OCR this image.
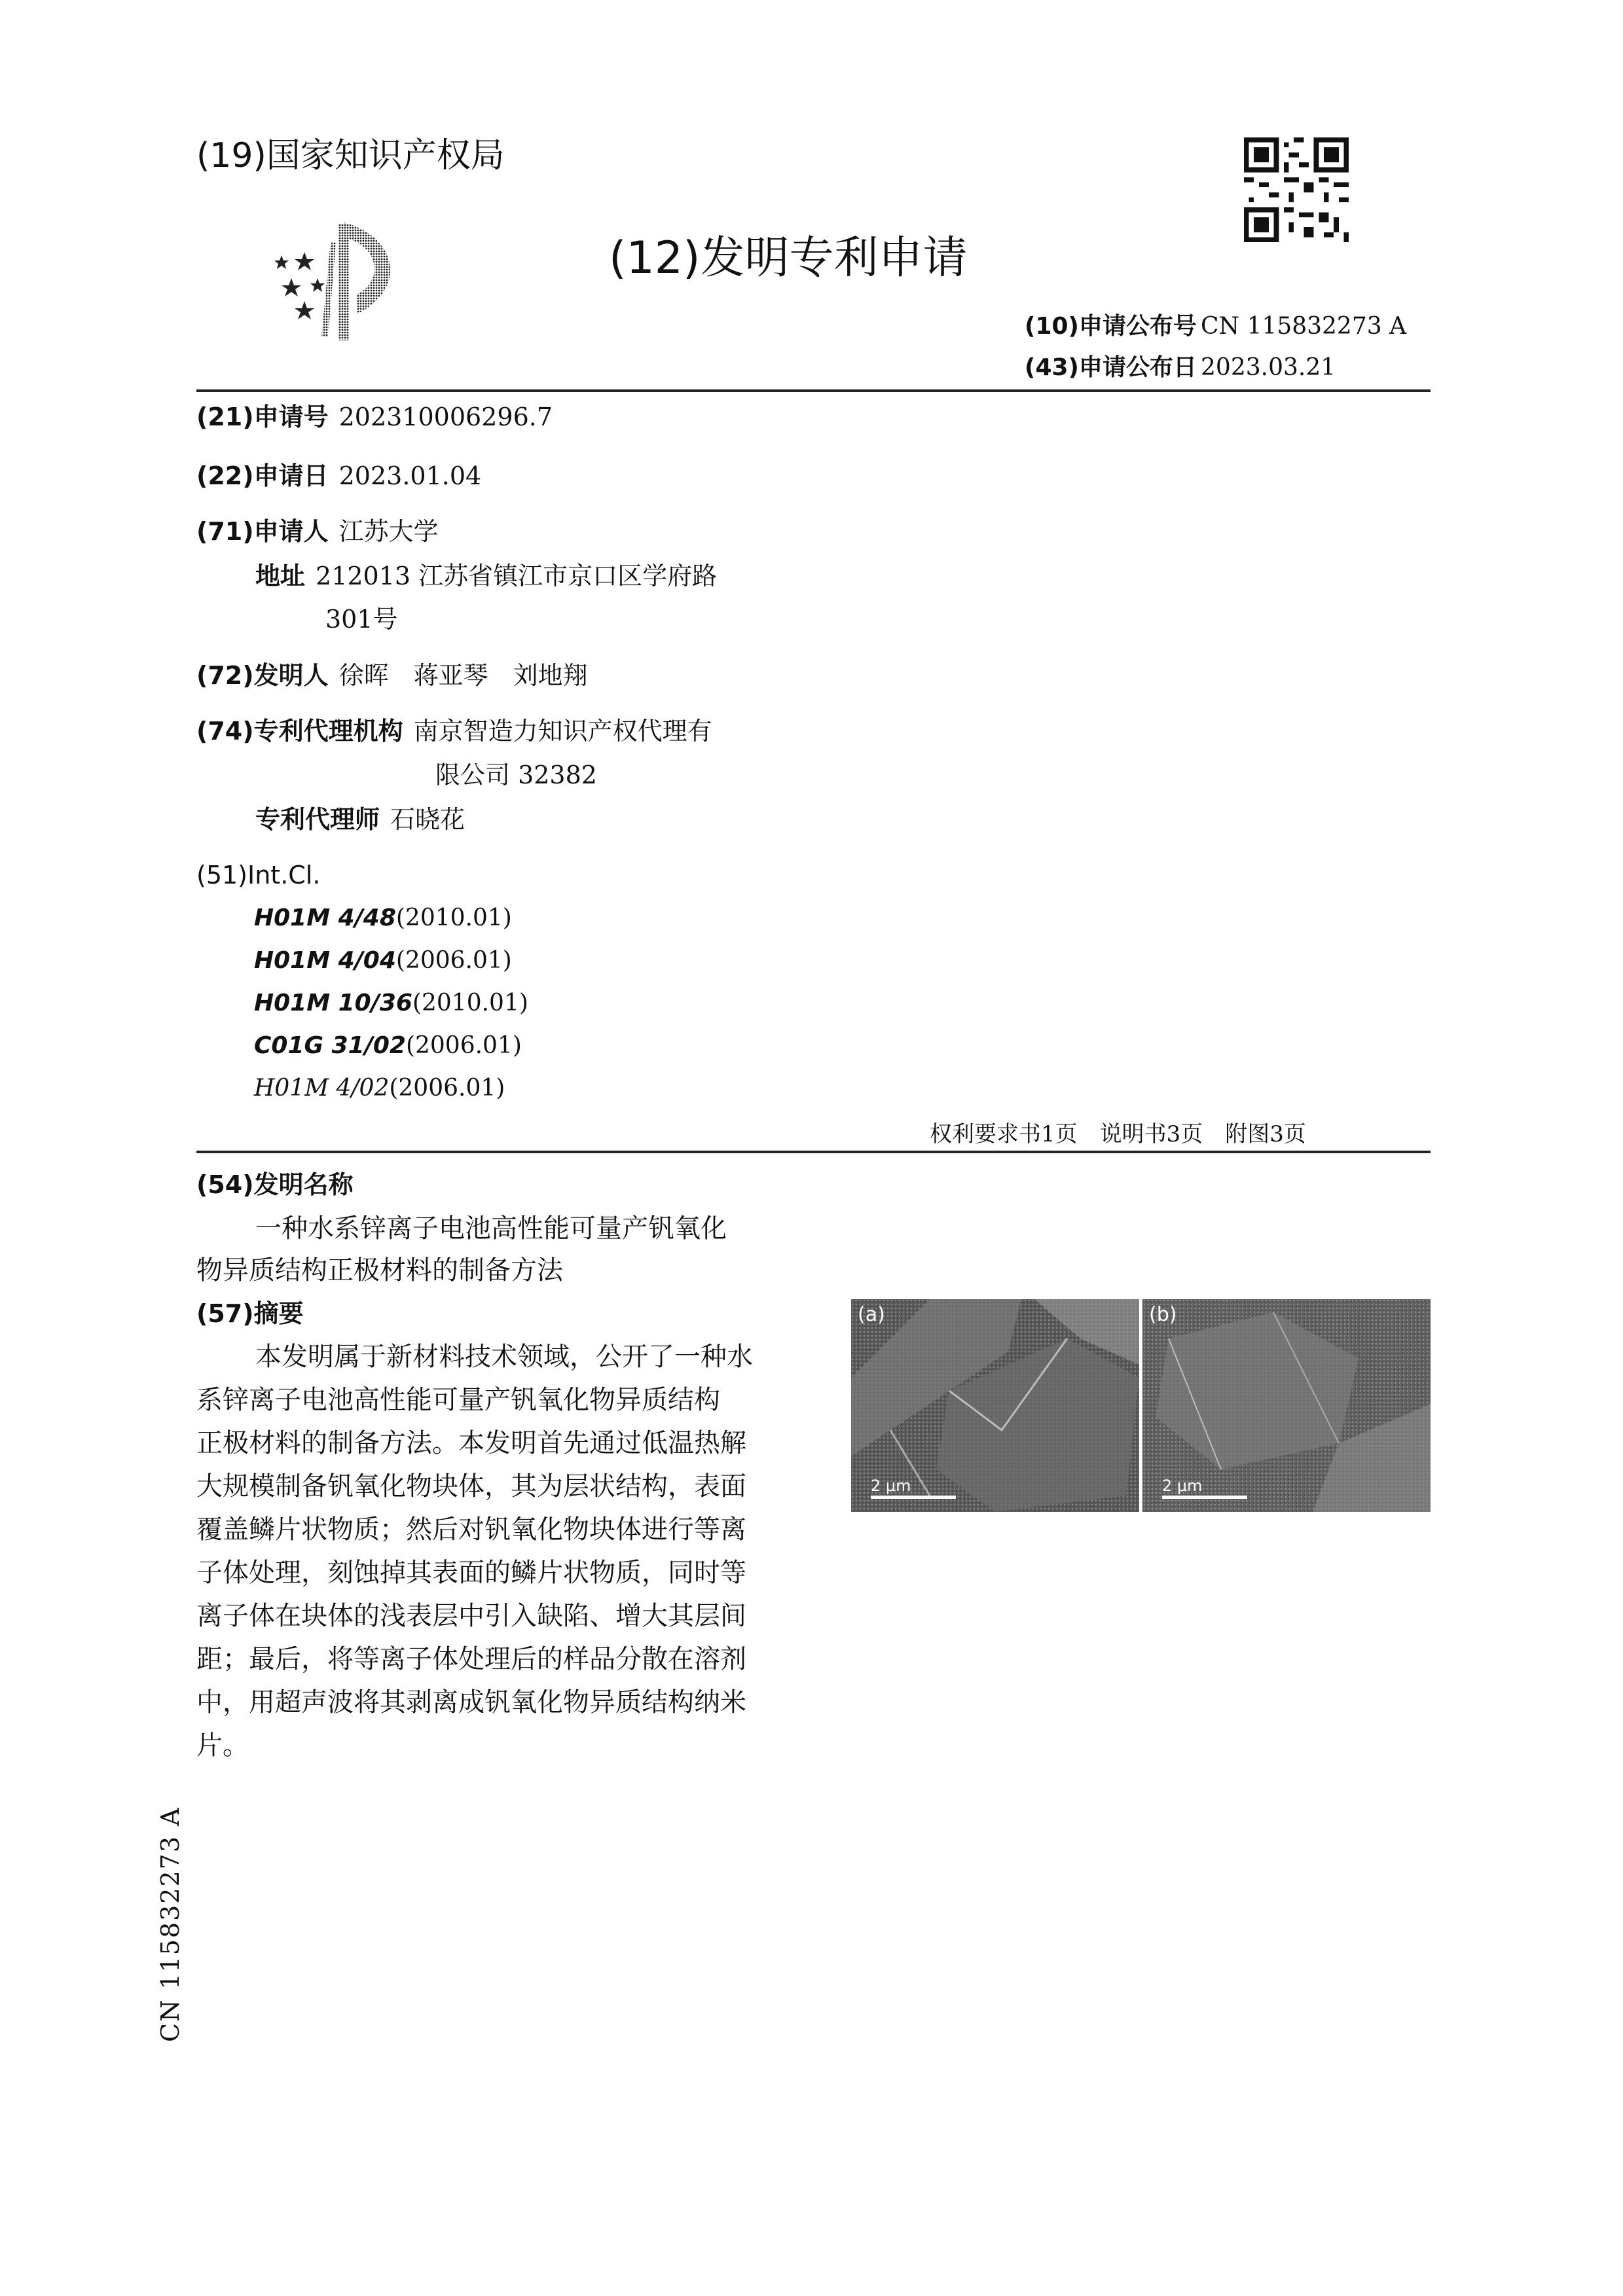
(19)国家知识产权局
(12)发明专利申请
(10)申请公布号 CN 115832273 A
(43)申请公布日 2023.03.21
(21)申请号 202310006296.7
(22)申请日 2023.01.04
(71)申请人 江苏大学
地址 212013 江苏省镇江市京口区学府路
301号
(72)发明人 徐晖　蒋亚琴　刘地翔
(74)专利代理机构 南京智造力知识产权代理有
限公司 32382
专利代理师 石晓花
(51)Int.Cl.
H01M 4/48(2010.01)
H01M 4/04(2006.01)
H01M 10/36(2010.01)
C01G 31/02(2006.01)
H01M 4/02(2006.01)
权利要求书1页　说明书3页　附图3页
(54)发明名称
一种水系锌离子电池高性能可量产钒氧化
物异质结构正极材料的制备方法
(57)摘要

本发明属于新材料技术领域，公开了一种水

系锌离子电池高性能可量产钒氧化物异质结构

正极材料的制备方法。本发明首先通过低温热解

大规模制备钒氧化物块体，其为层状结构，表面

覆盖鳞片状物质；然后对钒氧化物块体进行等离

子体处理，刻蚀掉其表面的鳞片状物质，同时等

离子体在块体的浅表层中引入缺陷、增大其层间

距；最后，将等离子体处理后的样品分散在溶剂

中，用超声波将其剥离成钒氧化物异质结构纳米

片。

(a)
2 μm
(b)
2 μm
CN 115832273 A
